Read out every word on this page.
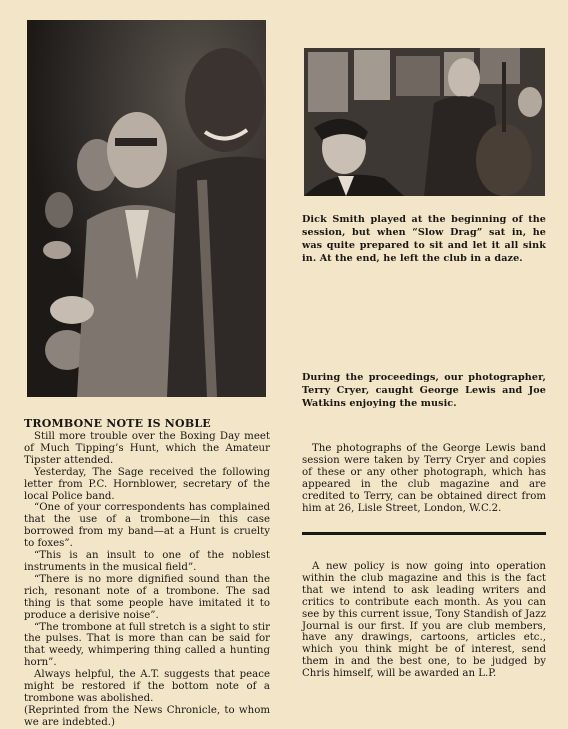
Dick Smith played at the beginning of the session, but when “Slow Drag” sat in, he was quite prepared to sit and let it all sink in. At the end, he left the club in a daze.
During the proceedings, our photographer, Terry Cryer, caught George Lewis and Joe Watkins enjoying the music.
TROMBONE NOTE IS NOBLE

Still more trouble over the Boxing Day meet of Much Tipping’s Hunt, which the Amateur Tipster attended.

Yesterday, The Sage received the following letter from P.C. Hornblower, secretary of the local Police band.

“One of your correspondents has complained that the use of a trombone—in this case borrowed from my band—at a Hunt is cruelty to foxes”.

“This is an insult to one of the noblest instruments in the musical field”.

“There is no more dignified sound than the rich, resonant note of a trombone. The sad thing is that some people have imitated it to produce a derisive noise”.

“The trombone at full stretch is a sight to stir the pulses. That is more than can be said for that weedy, whimpering thing called a hunting horn”.

Always helpful, the A.T. suggests that peace might be restored if the bottom note of a trombone was abolished.

(Reprinted from the News Chronicle, to whom we are indebted.)

The photographs of the George Lewis band session were taken by Terry Cryer and copies of these or any other photograph, which has appeared in the club magazine and are credited to Terry, can be obtained direct from him at 26, Lisle Street, London, W.C.2.

A new policy is now going into operation within the club magazine and this is the fact that we intend to ask leading writers and critics to contribute each month. As you can see by this current issue, Tony Standish of Jazz Journal is our first. If you are club members, have any drawings, cartoons, articles etc., which you think might be of interest, send them in and the best one, to be judged by Chris himself, will be awarded an L.P.
